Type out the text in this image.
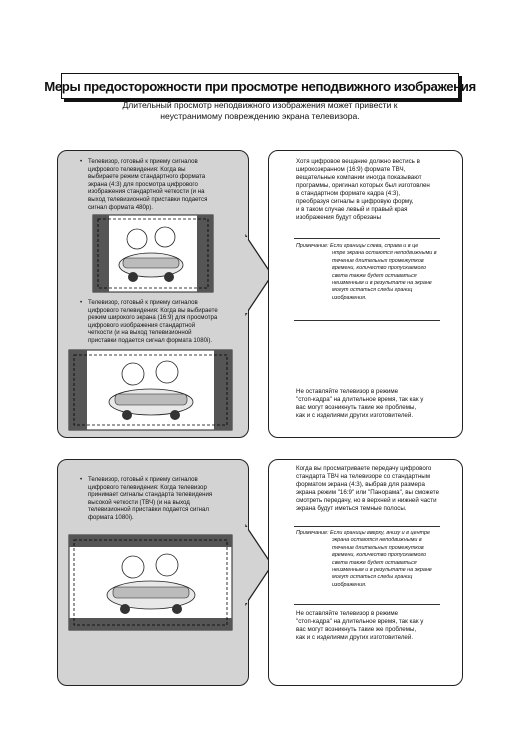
Меры предосторожности при просмотре неподвижного изображения
Длительный просмотр неподвижного изображения может привести к
неустранимому повреждению экрана телевизора.
• Телевизор, готовый к приему сигналов
цифрового телевидения: Когда вы
выбираете режим стандартного формата
экрана (4:3) для просмотра цифрового
изображения стандартной четкости (и на
выход телевизионной приставки подается
сигнал формата 480p).
• Телевизор, готовый к приему сигналов
цифрового телевидения: Когда вы выбираете
режим широкого экрана (16:9) для просмотра
цифрового изображения стандартной
четкости (и на выход телевизионной
приставки подается сигнал формата 1080i).
Хотя цифровое вещание должно вестись в
широкоэкранном (16:9) формате ТВЧ,
вещательные компании иногда показывают
программы, оригинал которых был изготовлен
в стандартном формате кадра (4:3),
преобразуя сигналы в цифровую форму,
и в таком случае левый и правый края
изображения будут обрезаны
Примечание: Если границы слева, справа и в це
нтре экрана остаются неподвижными в
течение длительных промежутков
времени, количество пропускаемого
света также будет оставаться
неизменным и в результате на экране
могут остаться следы границ
изображения.
Не оставляйте телевизор в режиме
"стоп-кадра" на длительное время, так как у
вас могут возникнуть такие же проблемы,
как и с изделиями других изготовителей.
• Телевизор, готовый к приему сигналов
цифрового телевидения: Когда телевизор
принимает сигналы стандарта телевидения
высокой четкости (ТВЧ) (и на выход
телевизионной приставки подается сигнал
формата 1080i).
Когда вы просматриваете передачу цифрового
стандарта ТВЧ на телевизоре со стандартным
форматом экрана (4:3), выбрав для размера
экрана режим "16:9" или "Панорама", вы сможете
смотреть передачу, но в верхней и нижней части
экрана будут иметься темные полосы.
Примечание: Если границы вверху, внизу и в центре
экрана остаются неподвижными в
течение длительных промежутков
времени, количество пропускаемого
света также будет оставаться
неизменным и в результате на экране
могут остаться следы границ
изображения.
Не оставляйте телевизор в режиме
"стоп-кадра" на длительное время, так как у
вас могут возникнуть такие же проблемы,
как и с изделиями других изготовителей.
